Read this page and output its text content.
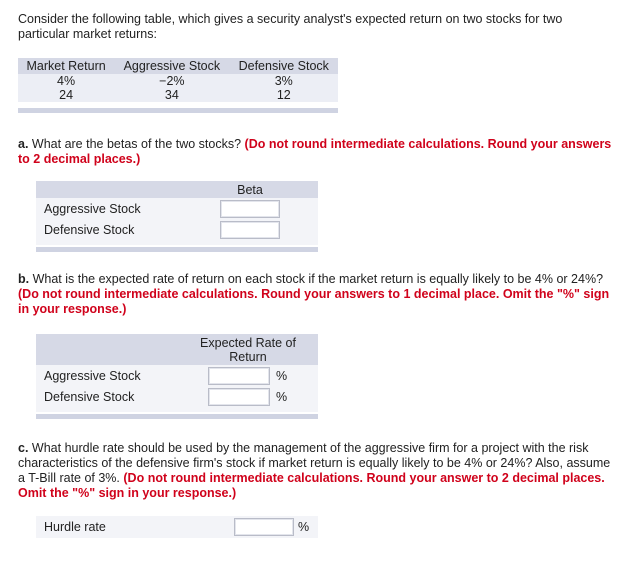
Consider the following table, which gives a security analyst's expected return on two stocks for two particular market returns:
Market Return	Aggressive Stock	Defensive Stock
4%	−2%	3%
24	34	12
a. What are the betas of the two stocks? (Do not round intermediate calculations. Round your answers to 2 decimal places.)
Beta
Aggressive Stock
Defensive Stock
b. What is the expected rate of return on each stock if the market return is equally likely to be 4% or 24%? (Do not round intermediate calculations. Round your answers to 1 decimal place. Omit the "%" sign in your response.)
Expected Rate of
Return
Aggressive Stock
Defensive Stock
%
%
c. What hurdle rate should be used by the management of the aggressive firm for a project with the risk characteristics of the defensive firm's stock if market return is equally likely to be 4% or 24%? Also, assume a T-Bill rate of 3%. (Do not round intermediate calculations. Round your answer to 2 decimal places. Omit the "%" sign in your response.)
Hurdle rate	%
